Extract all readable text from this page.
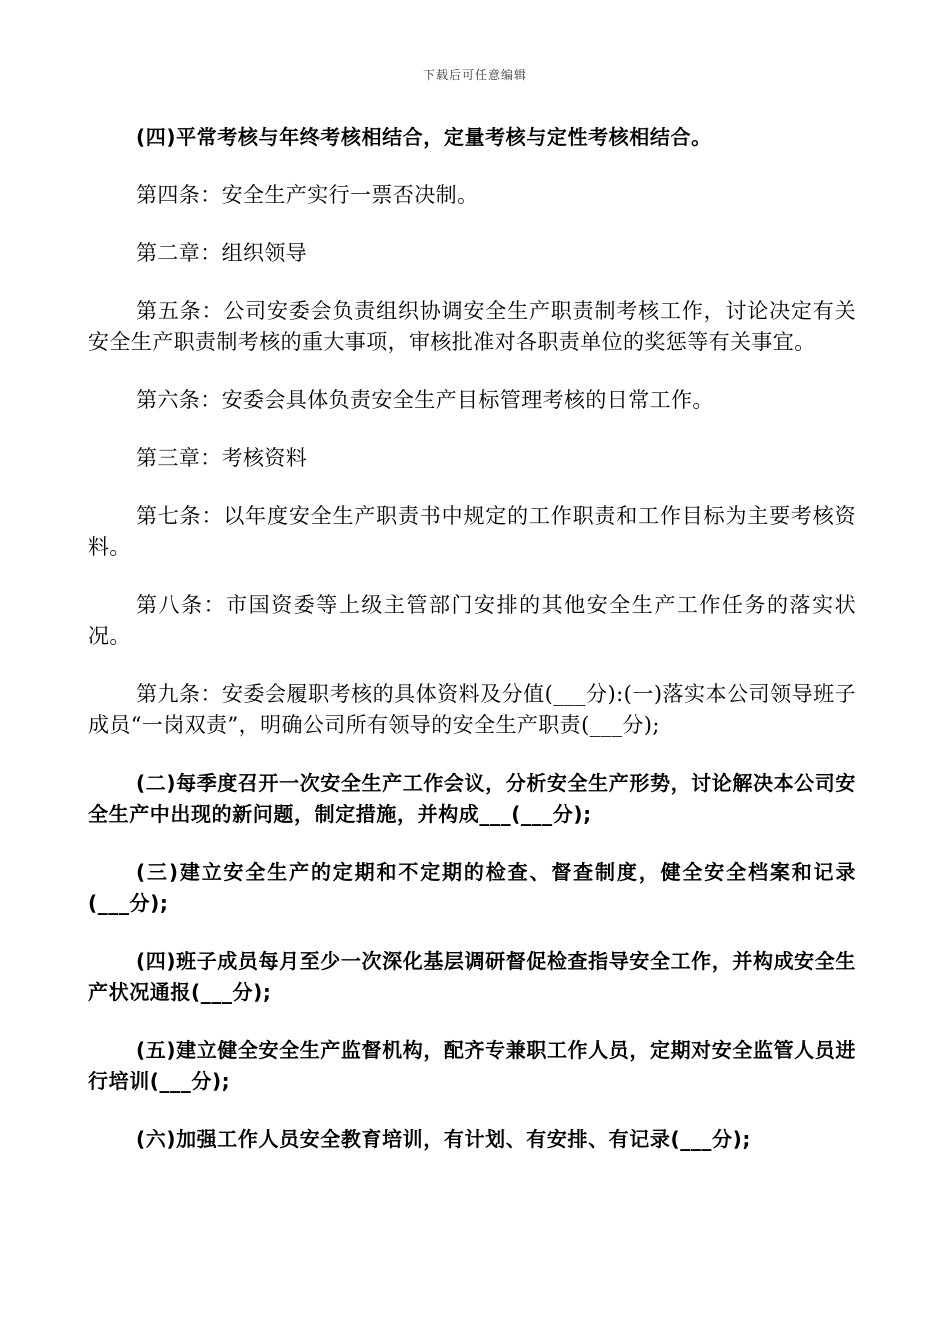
下载后可任意编辑

(四)平常考核与年终考核相结合，定量考核与定性考核相结合。

第四条：安全生产实行一票否决制。

第二章：组织领导

第五条：公司安委会负责组织协调安全生产职责制考核工作，讨论决定有关安全生产职责制考核的重大事项，审核批准对各职责单位的奖惩等有关事宜。

第六条：安委会具体负责安全生产目标管理考核的日常工作。

第三章：考核资料

第七条：以年度安全生产职责书中规定的工作职责和工作目标为主要考核资料。

第八条：市国资委等上级主管部门安排的其他安全生产工作任务的落实状况。

第九条：安委会履职考核的具体资料及分值(___分):(一)落实本公司领导班子成员“一岗双责”，明确公司所有领导的安全生产职责(___分);

(二)每季度召开一次安全生产工作会议，分析安全生产形势，讨论解决本公司安全生产中出现的新问题，制定措施，并构成___(___分);

(三)建立安全生产的定期和不定期的检查、督查制度，健全安全档案和记录(___分);

(四)班子成员每月至少一次深化基层调研督促检查指导安全工作，并构成安全生产状况通报(___分);

(五)建立健全安全生产监督机构，配齐专兼职工作人员，定期对安全监管人员进行培训(___分);

(六)加强工作人员安全教育培训，有计划、有安排、有记录(___分);
